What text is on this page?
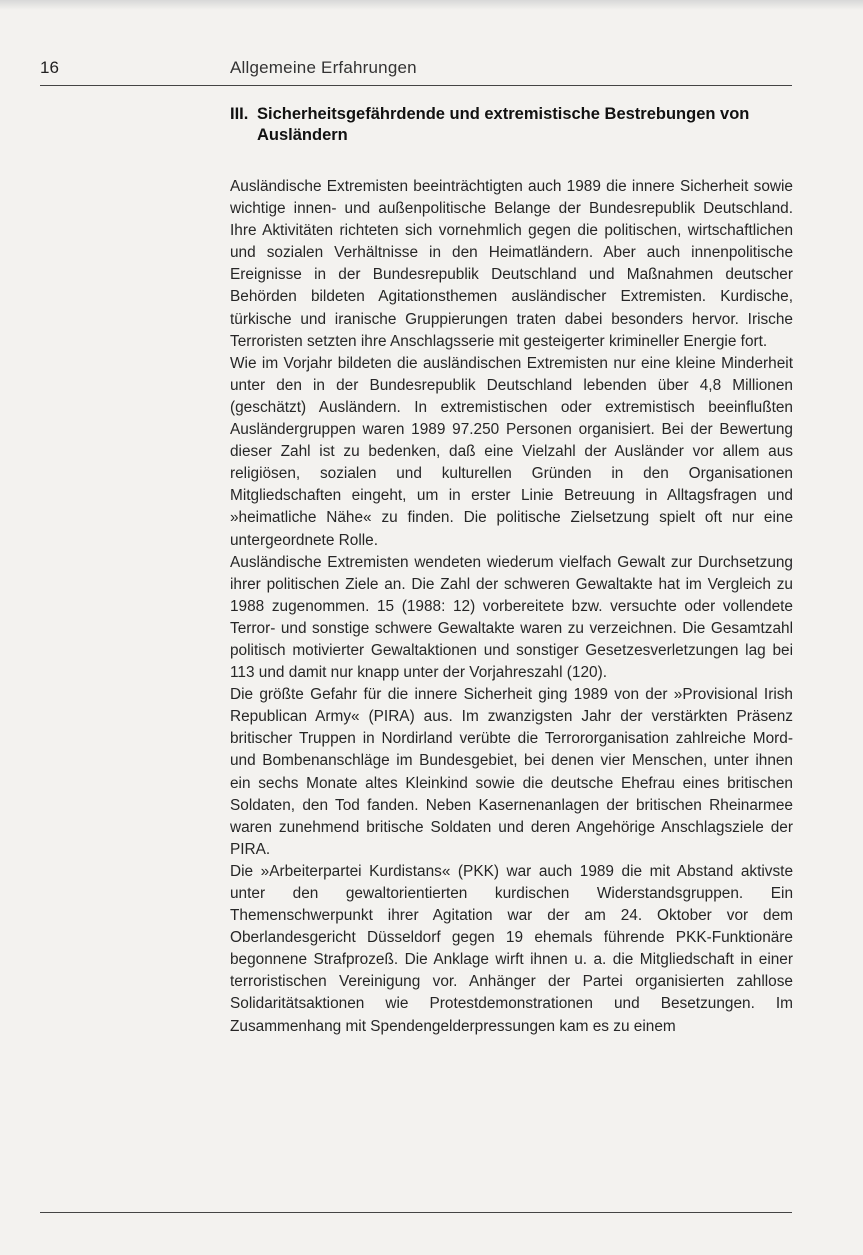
16	Allgemeine Erfahrungen
III. Sicherheitsgefährdende und extremistische Bestrebungen von Ausländern

Ausländische Extremisten beeinträchtigten auch 1989 die innere Sicherheit sowie wichtige innen- und außenpolitische Belange der Bundesrepublik Deutschland. Ihre Aktivitäten richteten sich vornehmlich gegen die politischen, wirtschaftlichen und sozialen Verhältnisse in den Heimatländern. Aber auch innenpolitische Ereignisse in der Bundesrepublik Deutschland und Maßnahmen deutscher Behörden bildeten Agitationsthemen ausländischer Extremisten. Kurdische, türkische und iranische Gruppierungen traten dabei besonders hervor. Irische Terroristen setzten ihre Anschlagsserie mit gesteigerter krimineller Energie fort.

Wie im Vorjahr bildeten die ausländischen Extremisten nur eine kleine Minderheit unter den in der Bundesrepublik Deutschland lebenden über 4,8 Millionen (geschätzt) Ausländern. In extremistischen oder extremistisch beeinflußten Ausländergruppen waren 1989 97.250 Personen organisiert. Bei der Bewertung dieser Zahl ist zu bedenken, daß eine Vielzahl der Ausländer vor allem aus religiösen, sozialen und kulturellen Gründen in den Organisationen Mitgliedschaften eingeht, um in erster Linie Betreuung in Alltagsfragen und »heimatliche Nähe« zu finden. Die politische Zielsetzung spielt oft nur eine untergeordnete Rolle.

Ausländische Extremisten wendeten wiederum vielfach Gewalt zur Durchsetzung ihrer politischen Ziele an. Die Zahl der schweren Gewaltakte hat im Vergleich zu 1988 zugenommen. 15 (1988: 12) vorbereitete bzw. versuchte oder vollendete Terror- und sonstige schwere Gewaltakte waren zu verzeichnen. Die Gesamtzahl politisch motivierter Gewaltaktionen und sonstiger Gesetzesverletzungen lag bei 113 und damit nur knapp unter der Vorjahreszahl (120).

Die größte Gefahr für die innere Sicherheit ging 1989 von der »Provisional Irish Republican Army« (PIRA) aus. Im zwanzigsten Jahr der verstärkten Präsenz britischer Truppen in Nordirland verübte die Terrororganisation zahlreiche Mord- und Bombenanschläge im Bundesgebiet, bei denen vier Menschen, unter ihnen ein sechs Monate altes Kleinkind sowie die deutsche Ehefrau eines britischen Soldaten, den Tod fanden. Neben Kasernenanlagen der britischen Rheinarmee waren zunehmend britische Soldaten und deren Angehörige Anschlagsziele der PIRA.

Die »Arbeiterpartei Kurdistans« (PKK) war auch 1989 die mit Abstand aktivste unter den gewaltorientierten kurdischen Widerstandsgruppen. Ein Themenschwerpunkt ihrer Agitation war der am 24. Oktober vor dem Oberlandesgericht Düsseldorf gegen 19 ehemals führende PKK-Funktionäre begonnene Strafprozeß. Die Anklage wirft ihnen u. a. die Mitgliedschaft in einer terroristischen Vereinigung vor. Anhänger der Partei organisierten zahllose Solidaritätsaktionen wie Protestdemonstrationen und Besetzungen. Im Zusammenhang mit Spendengelderpressungen kam es zu einem
